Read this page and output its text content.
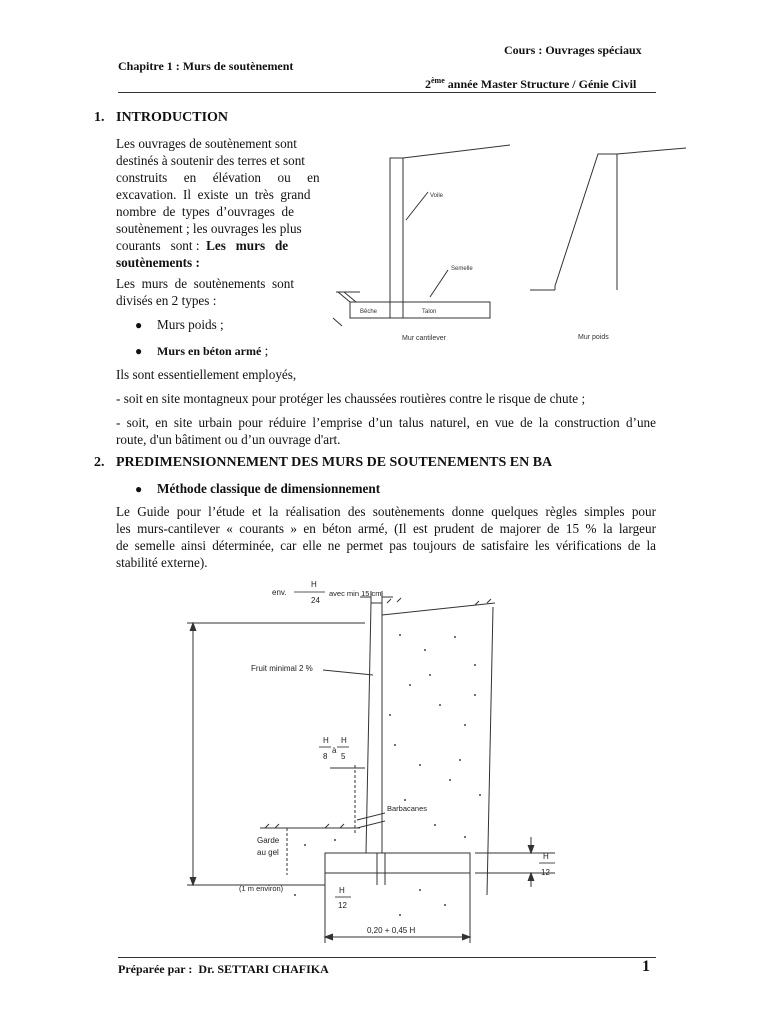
Cours : Ouvrages spéciaux
Chapitre 1 : Murs de soutènement
2ème année Master Structure / Génie Civil
1. INTRODUCTION
Les ouvrages de soutènement sont
destinés à soutenir des terres et sont
construits     en     élévation     ou     en
excavation.  Il  existe  un  très  grand
nombre  de  types  d’ouvrages  de
soutènement ; les ouvrages les plus
courants   sont :  Les   murs   de
soutènements :
Les  murs  de  soutènements  sont
divisés en 2 types :
● Murs poids ;
● Murs en béton armé ;
Ils sont essentiellement employés,
- soit en site montagneux pour protéger les chaussées routières contre le risque de chute ;
- soit, en site urbain pour réduire l’emprise d’un talus naturel, en vue de la construction d’une
route, d'un bâtiment ou d’un ouvrage d'art.
Voile
Semelle
Bêche	Talon
Mur cantilever	Mur poids
2. PREDIMENSIONNEMENT DES MURS DE SOUTENEMENTS EN BA
● Méthode classique de dimensionnement
Le Guide pour l’étude et la réalisation des soutènements donne quelques règles simples pour
les murs-cantilever « courants » en béton armé, (Il est prudent de majorer de 15 % la largeur
de semelle ainsi déterminée, car elle ne permet pas toujours de satisfaire les vérifications de la
stabilité externe).
env.
H
24
avec min 15 cm
Fruit minimal 2 %
H H
à
8 5
Barbacanes
Garde
au gel
(1 m environ)	H
12
H
12
0,20 + 0,45 H
Préparée par :  Dr. SETTARI CHAFIKA	1
